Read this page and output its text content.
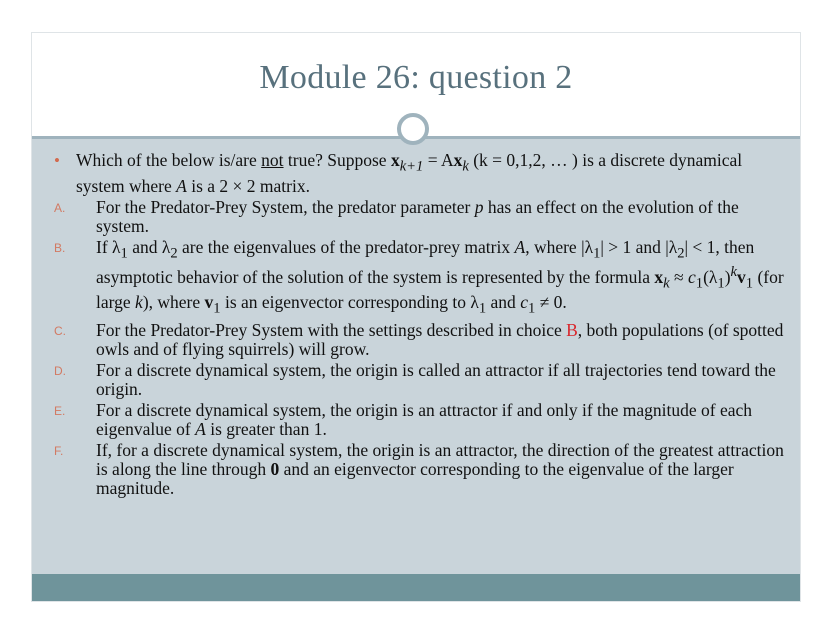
Module 26: question 2
• Which of the below is/are not true? Suppose $x_{k+1} = Ax_k$ (k = 0,1,2, … ) is a discrete dynamical system where A is a 2 × 2 matrix.
A. For the Predator-Prey System, the predator parameter p has an effect on the evolution of the system.
B. If $\lambda_1$ and $\lambda_2$ are the eigenvalues of the predator-prey matrix A, where $|\lambda_1| > 1$ and $|\lambda_2| < 1$, then asymptotic behavior of the solution of the system is represented by the formula $x_k \approx c_1(\lambda_1)^kv_1$ (for large k), where $v_1$ is an eigenvector corresponding to $\lambda_1$ and $c_1 \ne 0$.
C. For the Predator-Prey System with the settings described in choice B, both populations (of spotted owls and of flying squirrels) will grow.
D. For a discrete dynamical system, the origin is called an attractor if all trajectories tend toward the origin.
E. For a discrete dynamical system, the origin is an attractor if and only if the magnitude of each eigenvalue of A is greater than 1.
F. If, for a discrete dynamical system, the origin is an attractor, the direction of the greatest attraction is along the line through 0 and an eigenvector corresponding to the eigenvalue of the larger magnitude.
